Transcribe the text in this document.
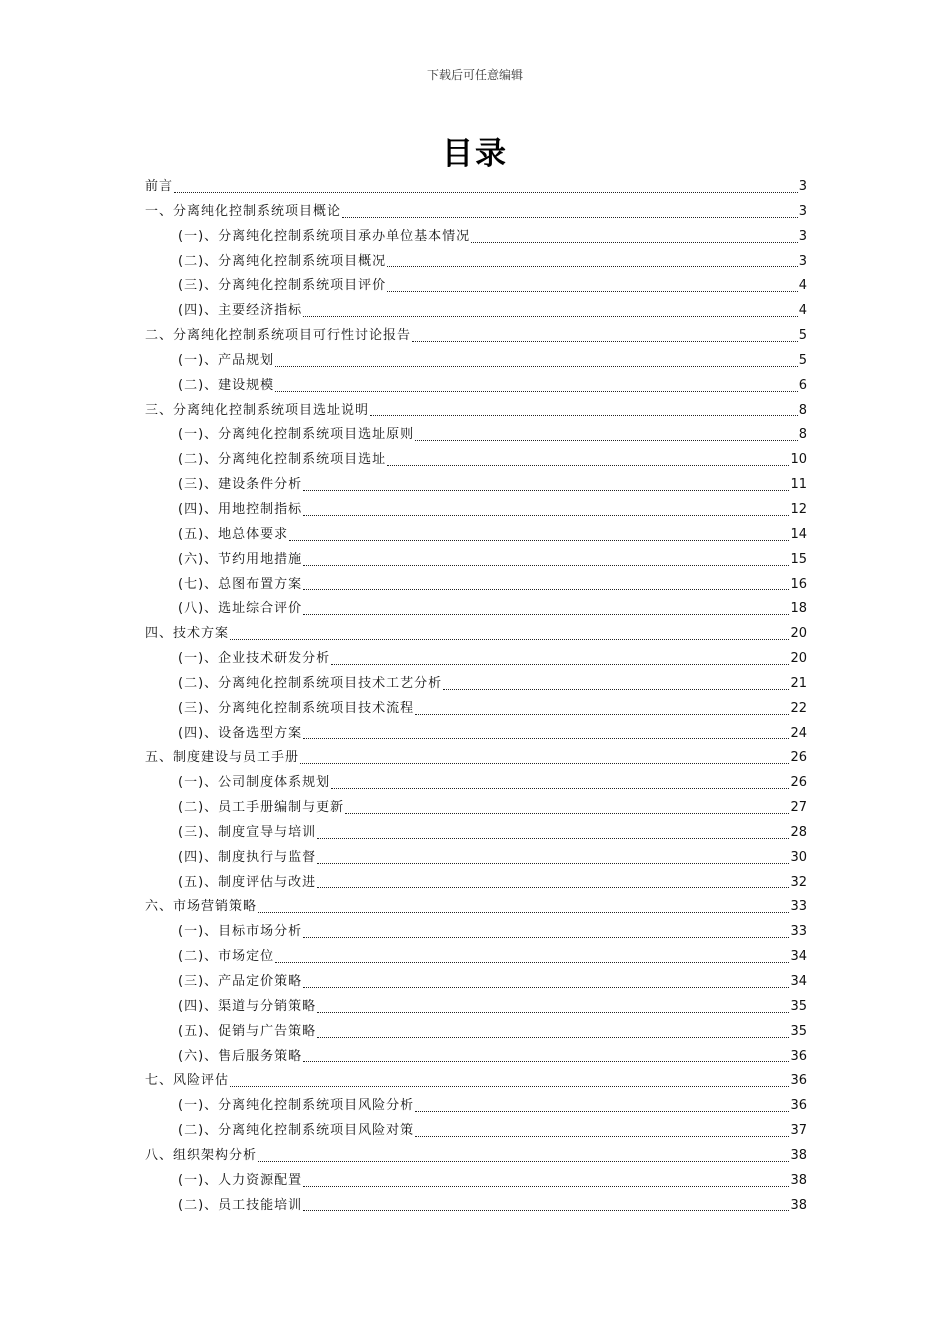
下载后可任意编辑
目录
前言	3
一、分离纯化控制系统项目概论	3
(一)、分离纯化控制系统项目承办单位基本情况	3
(二)、分离纯化控制系统项目概况	3
(三)、分离纯化控制系统项目评价	4
(四)、主要经济指标	4
二、分离纯化控制系统项目可行性讨论报告	5
(一)、产品规划	5
(二)、建设规模	6
三、分离纯化控制系统项目选址说明	8
(一)、分离纯化控制系统项目选址原则	8
(二)、分离纯化控制系统项目选址	10
(三)、建设条件分析	11
(四)、用地控制指标	12
(五)、地总体要求	14
(六)、节约用地措施	15
(七)、总图布置方案	16
(八)、选址综合评价	18
四、技术方案	20
(一)、企业技术研发分析	20
(二)、分离纯化控制系统项目技术工艺分析	21
(三)、分离纯化控制系统项目技术流程	22
(四)、设备选型方案	24
五、制度建设与员工手册	26
(一)、公司制度体系规划	26
(二)、员工手册编制与更新	27
(三)、制度宣导与培训	28
(四)、制度执行与监督	30
(五)、制度评估与改进	32
六、市场营销策略	33
(一)、目标市场分析	33
(二)、市场定位	34
(三)、产品定价策略	34
(四)、渠道与分销策略	35
(五)、促销与广告策略	35
(六)、售后服务策略	36
七、风险评估	36
(一)、分离纯化控制系统项目风险分析	36
(二)、分离纯化控制系统项目风险对策	37
八、组织架构分析	38
(一)、人力资源配置	38
(二)、员工技能培训	38
